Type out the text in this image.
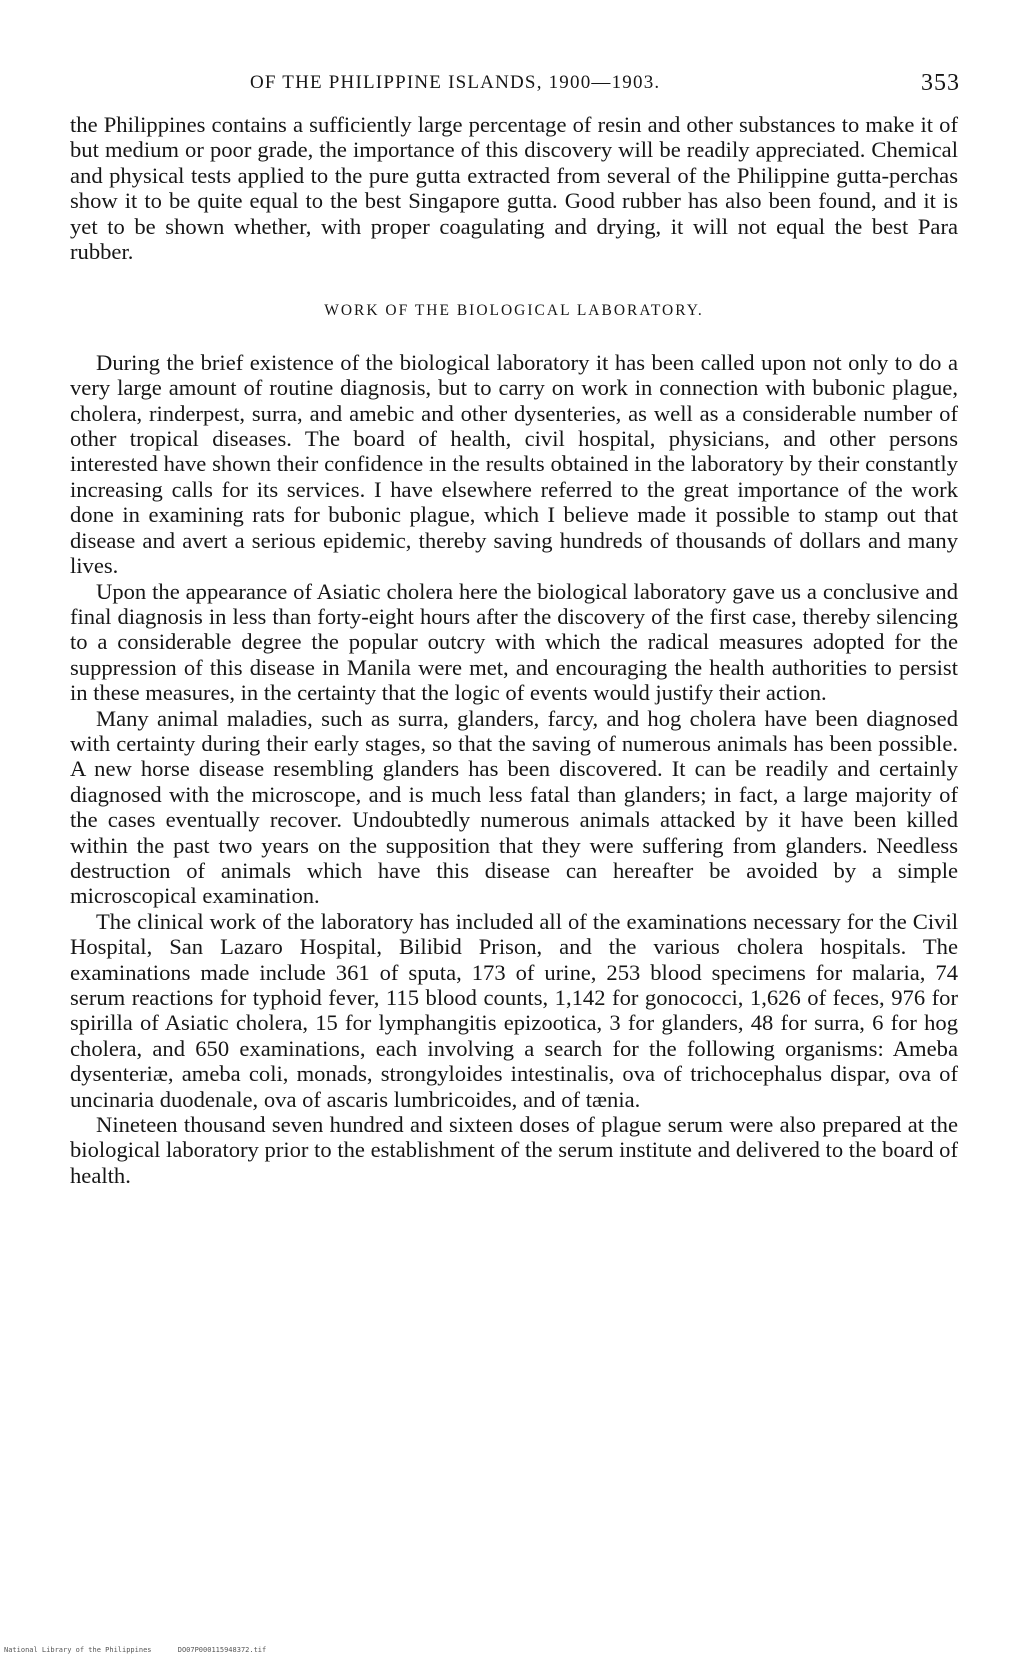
OF THE PHILIPPINE ISLANDS, 1900—1903.	353

the Philippines contains a sufficiently large percentage of resin and other substances to make it of but medium or poor grade, the importance of this discovery will be readily appreciated. Chemical and physical tests applied to the pure gutta extracted from several of the Philippine gutta-perchas show it to be quite equal to the best Singapore gutta. Good rubber has also been found, and it is yet to be shown whether, with proper coagulating and drying, it will not equal the best Para rubber.

WORK OF THE BIOLOGICAL LABORATORY.

During the brief existence of the biological laboratory it has been called upon not only to do a very large amount of routine diagnosis, but to carry on work in connection with bubonic plague, cholera, rinderpest, surra, and amebic and other dysenteries, as well as a considerable number of other tropical diseases. The board of health, civil hospital, physicians, and other persons interested have shown their confidence in the results obtained in the laboratory by their constantly increasing calls for its services. I have elsewhere referred to the great importance of the work done in examining rats for bubonic plague, which I believe made it possible to stamp out that disease and avert a serious epidemic, thereby saving hundreds of thousands of dollars and many lives.

Upon the appearance of Asiatic cholera here the biological laboratory gave us a conclusive and final diagnosis in less than forty-eight hours after the discovery of the first case, thereby silencing to a considerable degree the popular outcry with which the radical measures adopted for the suppression of this disease in Manila were met, and encouraging the health authorities to persist in these measures, in the certainty that the logic of events would justify their action.

Many animal maladies, such as surra, glanders, farcy, and hog cholera have been diagnosed with certainty during their early stages, so that the saving of numerous animals has been possible. A new horse disease resembling glanders has been discovered. It can be readily and certainly diagnosed with the microscope, and is much less fatal than glanders; in fact, a large majority of the cases eventually recover. Undoubtedly numerous animals attacked by it have been killed within the past two years on the supposition that they were suffering from glanders. Needless destruction of animals which have this disease can hereafter be avoided by a simple microscopical examination.

The clinical work of the laboratory has included all of the examinations necessary for the Civil Hospital, San Lazaro Hospital, Bilibid Prison, and the various cholera hospitals. The examinations made include 361 of sputa, 173 of urine, 253 blood specimens for malaria, 74 serum reactions for typhoid fever, 115 blood counts, 1,142 for gonococci, 1,626 of feces, 976 for spirilla of Asiatic cholera, 15 for lymphangitis epizootica, 3 for glanders, 48 for surra, 6 for hog cholera, and 650 examinations, each involving a search for the following organisms: Ameba dysenteriæ, ameba coli, monads, strongyloides intestinalis, ova of trichocephalus dispar, ova of uncinaria duodenale, ova of ascaris lumbricoides, and of tænia.

Nineteen thousand seven hundred and sixteen doses of plague serum were also prepared at the biological laboratory prior to the establishment of the serum institute and delivered to the board of health.

National Library of the Philippines	DO07P000115948372.tif
